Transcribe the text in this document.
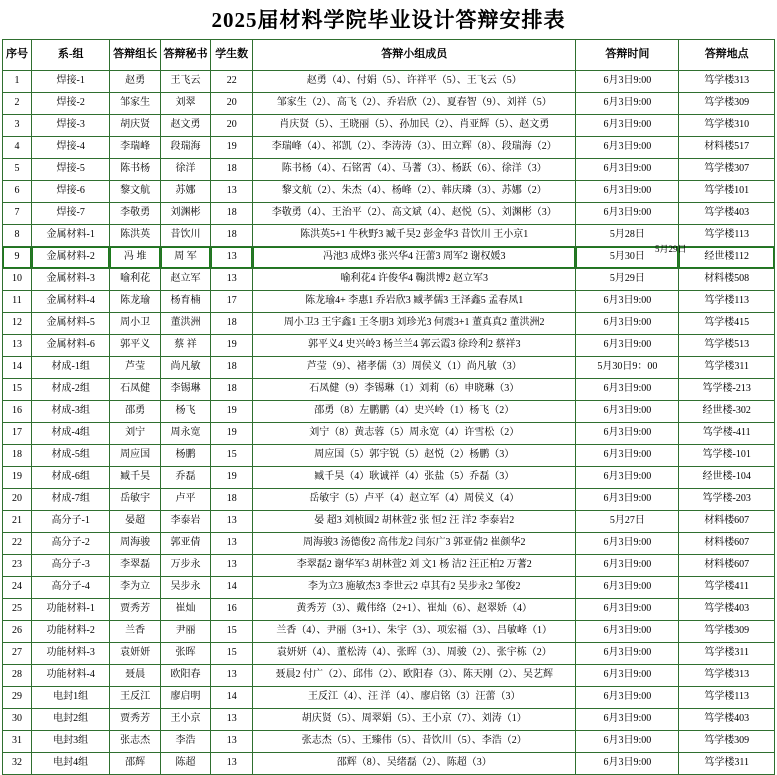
2025届材料学院毕业设计答辩安排表
序号	系-组	答辩组长	答辩秘书	学生数	答辩小组成员	答辩时间	答辩地点
1	焊接-1	赵勇	王飞云	22	赵勇（4）、付娟（5）、许祥平（5）、王飞云（5）	6月3日9:00	笃学楼313
2	焊接-2	邹家生	刘翠	20	邹家生（2）、高飞（2）、乔岩欣（2）、夏春智（9）、刘祥（5）	6月3日9:00	笃学楼309
3	焊接-3	胡庆贤	赵文勇	20	肖庆贤（5）、王晓丽（5）、孙加民（2）、肖亚辉（5）、赵文勇	6月3日9:00	笃学楼310
4	焊接-4	李瑞峰	段瑞海	19	李瑞峰（4）、祁凯（2）、李涛涛（3）、田立辉（8）、段瑞海（2）	6月3日9:00	材料楼517
5	焊接-5	陈书杨	徐洋	18	陈书杨（4）、石铭霄（4）、马蓍（3）、杨跃（6）、徐洋（3）	6月3日9:00	笃学楼307
6	焊接-6	黎文航	苏娜	13	黎文航（2）、朱杰（4）、杨峰（2）、韩庆璘（3）、苏娜（2）	6月3日9:00	笃学楼101
7	焊接-7	李敬勇	刘渊彬	18	李敬勇（4）、王治平（2）、高文斌（4）、赵悦（5）、刘渊彬（3）	6月3日9:00	笃学楼403
8	金属材料-1	陈洪英	昔饮川	18	陈洪英5+1 牛秋野3 臧千昊2 彭金华3 昔饮川 王小京1	5月28日	笃学楼113
9	金属材料-2	冯 堆	周 军	13	冯池3 成烨3 张兴华4 汪蕾3 周军2 谢权媛3	5月30日	经世楼112
10	金属材料-3	喻利花	赵立军	13	喻利花4 许俊华4 鞠洪博2 赵立军3	5月29日	材料楼508
11	金属材料-4	陈龙瑜	杨育楠	17	陈龙瑜4+ 李惠1 乔岩欣3 臧孝儒3 王泽鑫5 孟春凤1	6月3日9:00	笃学楼113
12	金属材料-5	周小卫	董洪洲	18	周小卫3 王宇鑫1 王冬朋3 刘珍光3 何震3+1 董真真2 董洪洲2	6月3日9:00	笃学楼415
13	金属材料-6	郭平义	蔡 祥	19	郭平义4 史兴岭3 杨兰兰4 郭云霞3 徐玲利2 蔡祥3	6月3日9:00	笃学楼513
14	材成-1组	芦莹	尚凡敏	18	芦莹（9）、褚孝儒（3）周侯义（1）尚凡敏（3）	5月30日9：00	笃学楼311
15	材成-2组	石凤健	李锡琳	18	石凤健（9）李锡琳（1）刘莉（6）申晓琳（3）	6月3日9:00	笃学楼-213
16	材成-3组	邵勇	杨飞	19	邵勇（8）左鹏鹏（4）史兴岭（1）杨飞（2）	6月3日9:00	经世楼-302
17	材成-4组	刘宁	周永宽	19	刘宁（8）黄志蓉（5）周永宽（4）许雪松（2）	6月3日9:00	笃学楼-411
18	材成-5组	周应国	杨鹏	15	周应国（5）郭宇锐（5）赵悦（2）杨鹏（3）	6月3日9:00	笃学楼-101
19	材成-6组	臧千昊	乔磊	19	臧千昊（4）耿诚祥（4）张盐（5）乔磊（3）	6月3日9:00	经世楼-104
20	材成-7组	岳敏宇	卢平	18	岳敏宇（5）卢平（4）赵立军（4）周侯义（4）	6月3日9:00	笃学楼-203
21	高分子-1	晏超	李泰岩	13	晏 超3 刘桢圆2 胡林萱2 张 恒2 汪 洋2 李泰岩2	5月27日	材料楼607
22	高分子-2	周海骏	郭亚倩	13	周海骏3 汤德俊2 高伟龙2 闫东广3 郭亚倩2 崔颜华2	6月3日9:00	材料楼607
23	高分子-3	李翠磊	万步永	13	李翠磊2 谢华军3 胡林萱2 刘 文1 杨 洁2 汪正柏2 万蓍2	6月3日9:00	材料楼607
24	高分子-4	李为立	吴步永	14	李为立3 施敏杰3 李世云2 卓其有2 吴步永2 邹俊2	6月3日9:00	笃学楼411
25	功能材料-1	贾秀芳	崔灿	16	黄秀芳（3）、戴伟络（2+1）、崔灿（6）、赵翠娇（4）	6月3日9:00	笃学楼403
26	功能材料-2	兰香	尹丽	15	兰香（4）、尹丽（3+1）、朱宇（3）、项宏福（3）、吕敏峰（1）	6月3日9:00	笃学楼309
27	功能材料-3	袁妍妍	张晖	15	袁妍妍（4）、董松涛（4）、张晖（3）、周骏（2）、张宇栋（2）	6月3日9:00	笃学楼311
28	功能材料-4	聂晨	欧阳春	13	聂晨2 付广（2）、邱伟（2）、欧阳春（3）、陈天刚（2）、吴艺辉	6月3日9:00	笃学楼313
29	电封1组	王反江	廖启明	14	王反江（4）、汪 洋（4）、廖启铭（3）汪蕾（3）	6月3日9:00	笃学楼113
30	电封2组	贾秀芳	王小京	13	胡庆贤（5）、周翠娟（5）、王小京（7）、刘涛（1）	6月3日9:00	笃学楼403
31	电封3组	张志杰	李浩	13	张志杰（5）、王臻伟（5）、昔饮川（5）、李浩（2）	6月3日9:00	笃学楼309
32	电封4组	邵辉	陈超	13	邵辉（8）、吴绪磊（2）、陈超（3）	6月3日9:00	笃学楼311
5月29日
